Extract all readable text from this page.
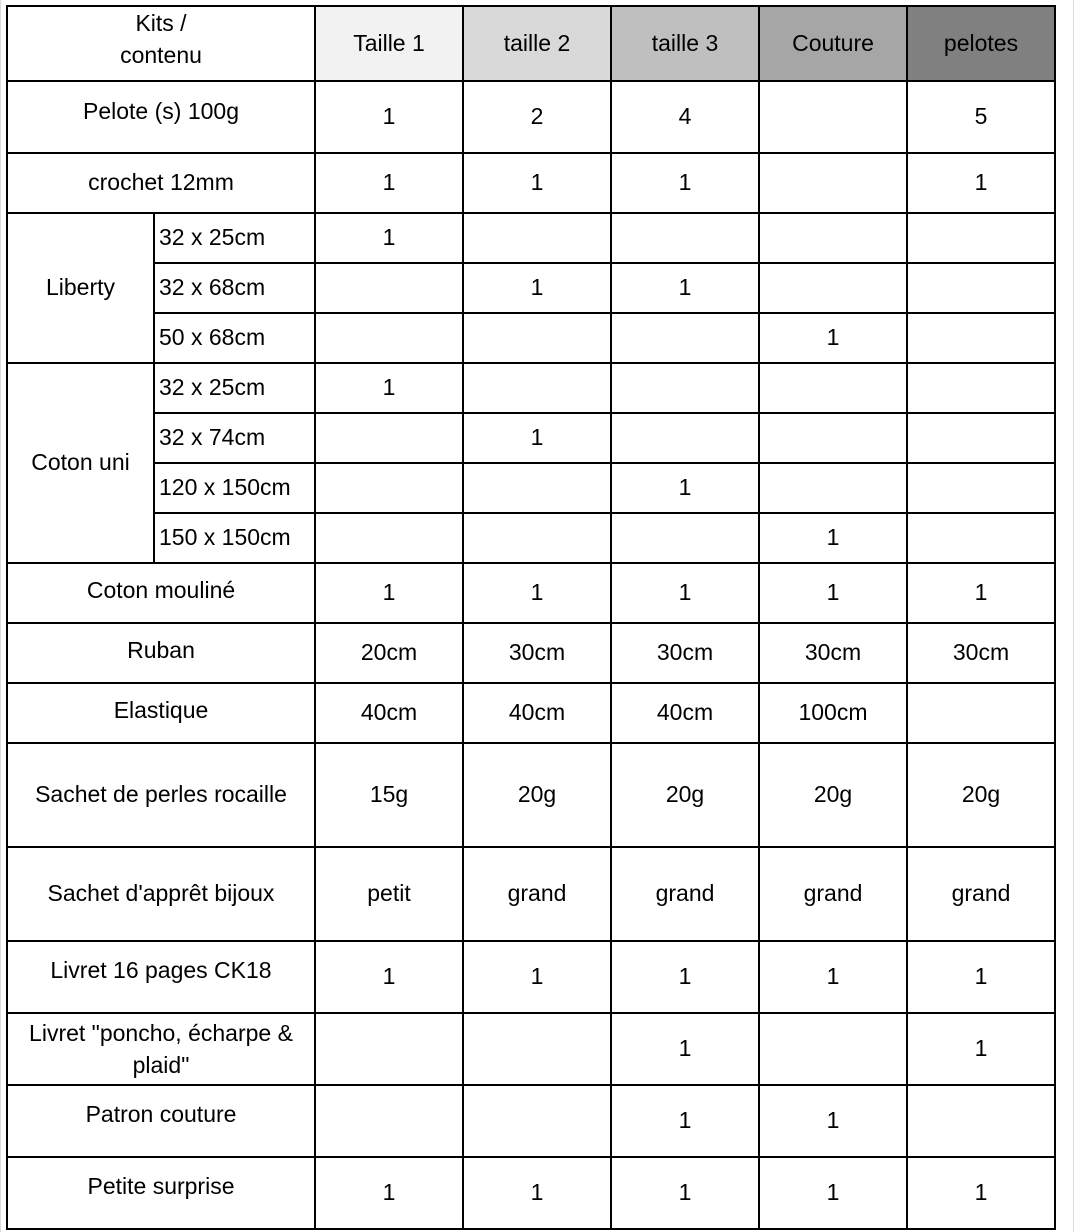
Kits /
contenu		Taille 1	taille 2	taille 3	Couture	pelotes
Pelote (s) 100g		1	2	4		5
crochet 12mm		1	1	1		1
Liberty	32 x 25cm	1				
	32 x 68cm		1	1		
	50 x 68cm				1	
Coton uni	32 x 25cm	1				
	32 x 74cm		1			
	120 x 150cm			1		
	150 x 150cm				1	
Coton mouliné		1	1	1	1	1
Ruban		20cm	30cm	30cm	30cm	30cm
Elastique		40cm	40cm	40cm	100cm	
Sachet de perles rocaille		15g	20g	20g	20g	20g
Sachet d'apprêt bijoux		petit	grand	grand	grand	grand
Livret 16 pages CK18		1	1	1	1	1
Livret "poncho, écharpe & plaid"				1		1
Patron couture				1	1	
Petite surprise		1	1	1	1	1
